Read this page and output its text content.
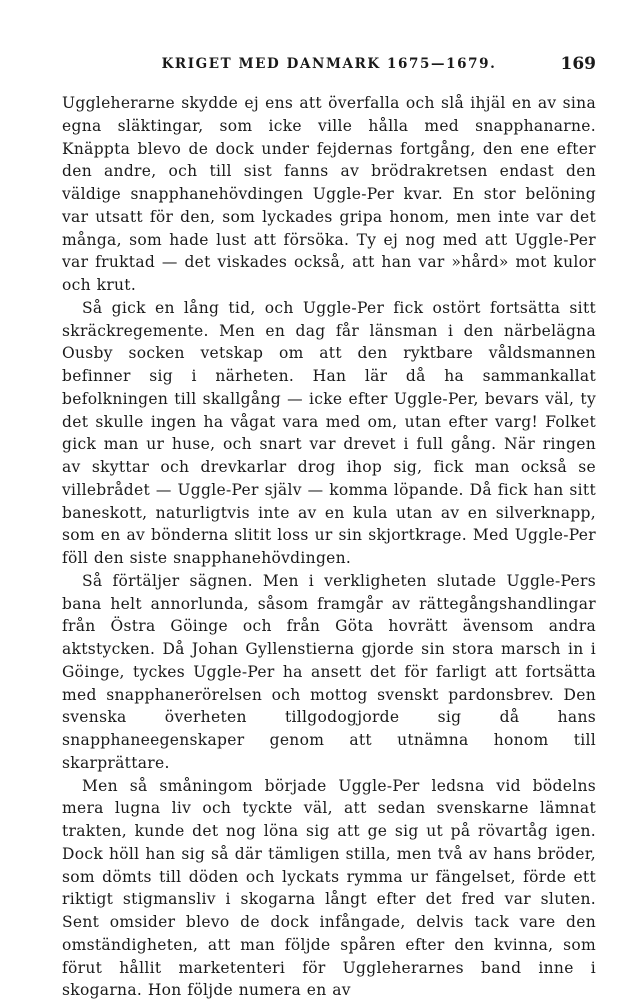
KRIGET MED DANMARK 1675—1679.	169

Uggleherarne skydde ej ens att överfalla och slå ihjäl en av sina egna släktingar, som icke ville hålla med snapphanarne. Knäppta blevo de dock under fejdernas fortgång, den ene efter den andre, och till sist fanns av brödrakretsen endast den väldige snapphanehövdingen Uggle-Per kvar. En stor belöning var utsatt för den, som lyckades gripa honom, men inte var det många, som hade lust att försöka. Ty ej nog med att Uggle-Per var fruktad — det viskades också, att han var »hård» mot kulor och krut.

Så gick en lång tid, och Uggle-Per fick ostört fortsätta sitt skräckregemente. Men en dag får länsman i den närbelägna Ousby socken vetskap om att den ryktbare våldsmannen befinner sig i närheten. Han lär då ha sammankallat befolkningen till skallgång — icke efter Uggle-Per, bevars väl, ty det skulle ingen ha vågat vara med om, utan efter varg! Folket gick man ur huse, och snart var drevet i full gång. När ringen av skyttar och drevkarlar drog ihop sig, fick man också se villebrådet — Uggle-Per själv — komma löpande. Då fick han sitt baneskott, naturligtvis inte av en kula utan av en silverknapp, som en av bönderna slitit loss ur sin skjortkrage. Med Uggle-Per föll den siste snapphanehövdingen.

Så förtäljer sägnen. Men i verkligheten slutade Uggle-Pers bana helt annorlunda, såsom framgår av rättegångshandlingar från Östra Göinge och från Göta hovrätt ävensom andra aktstycken. Då Johan Gyllenstierna gjorde sin stora marsch in i Göinge, tyckes Uggle-Per ha ansett det för farligt att fortsätta med snapphanerörelsen och mottog svenskt pardonsbrev. Den svenska överheten tillgodogjorde sig då hans snapphaneegenskaper genom att utnämna honom till skarprättare.

Men så småningom började Uggle-Per ledsna vid bödelns mera lugna liv och tyckte väl, att sedan svenskarne lämnat trakten, kunde det nog löna sig att ge sig ut på rövartåg igen. Dock höll han sig så där tämligen stilla, men två av hans bröder, som dömts till döden och lyckats rymma ur fängelset, förde ett riktigt stigmansliv i skogarna långt efter det fred var sluten. Sent omsider blevo de dock infångade, delvis tack vare den omständigheten, att man följde spåren efter den kvinna, som förut hållit marketenteri för Uggleherarnes band inne i skogarna. Hon följde numera en av
